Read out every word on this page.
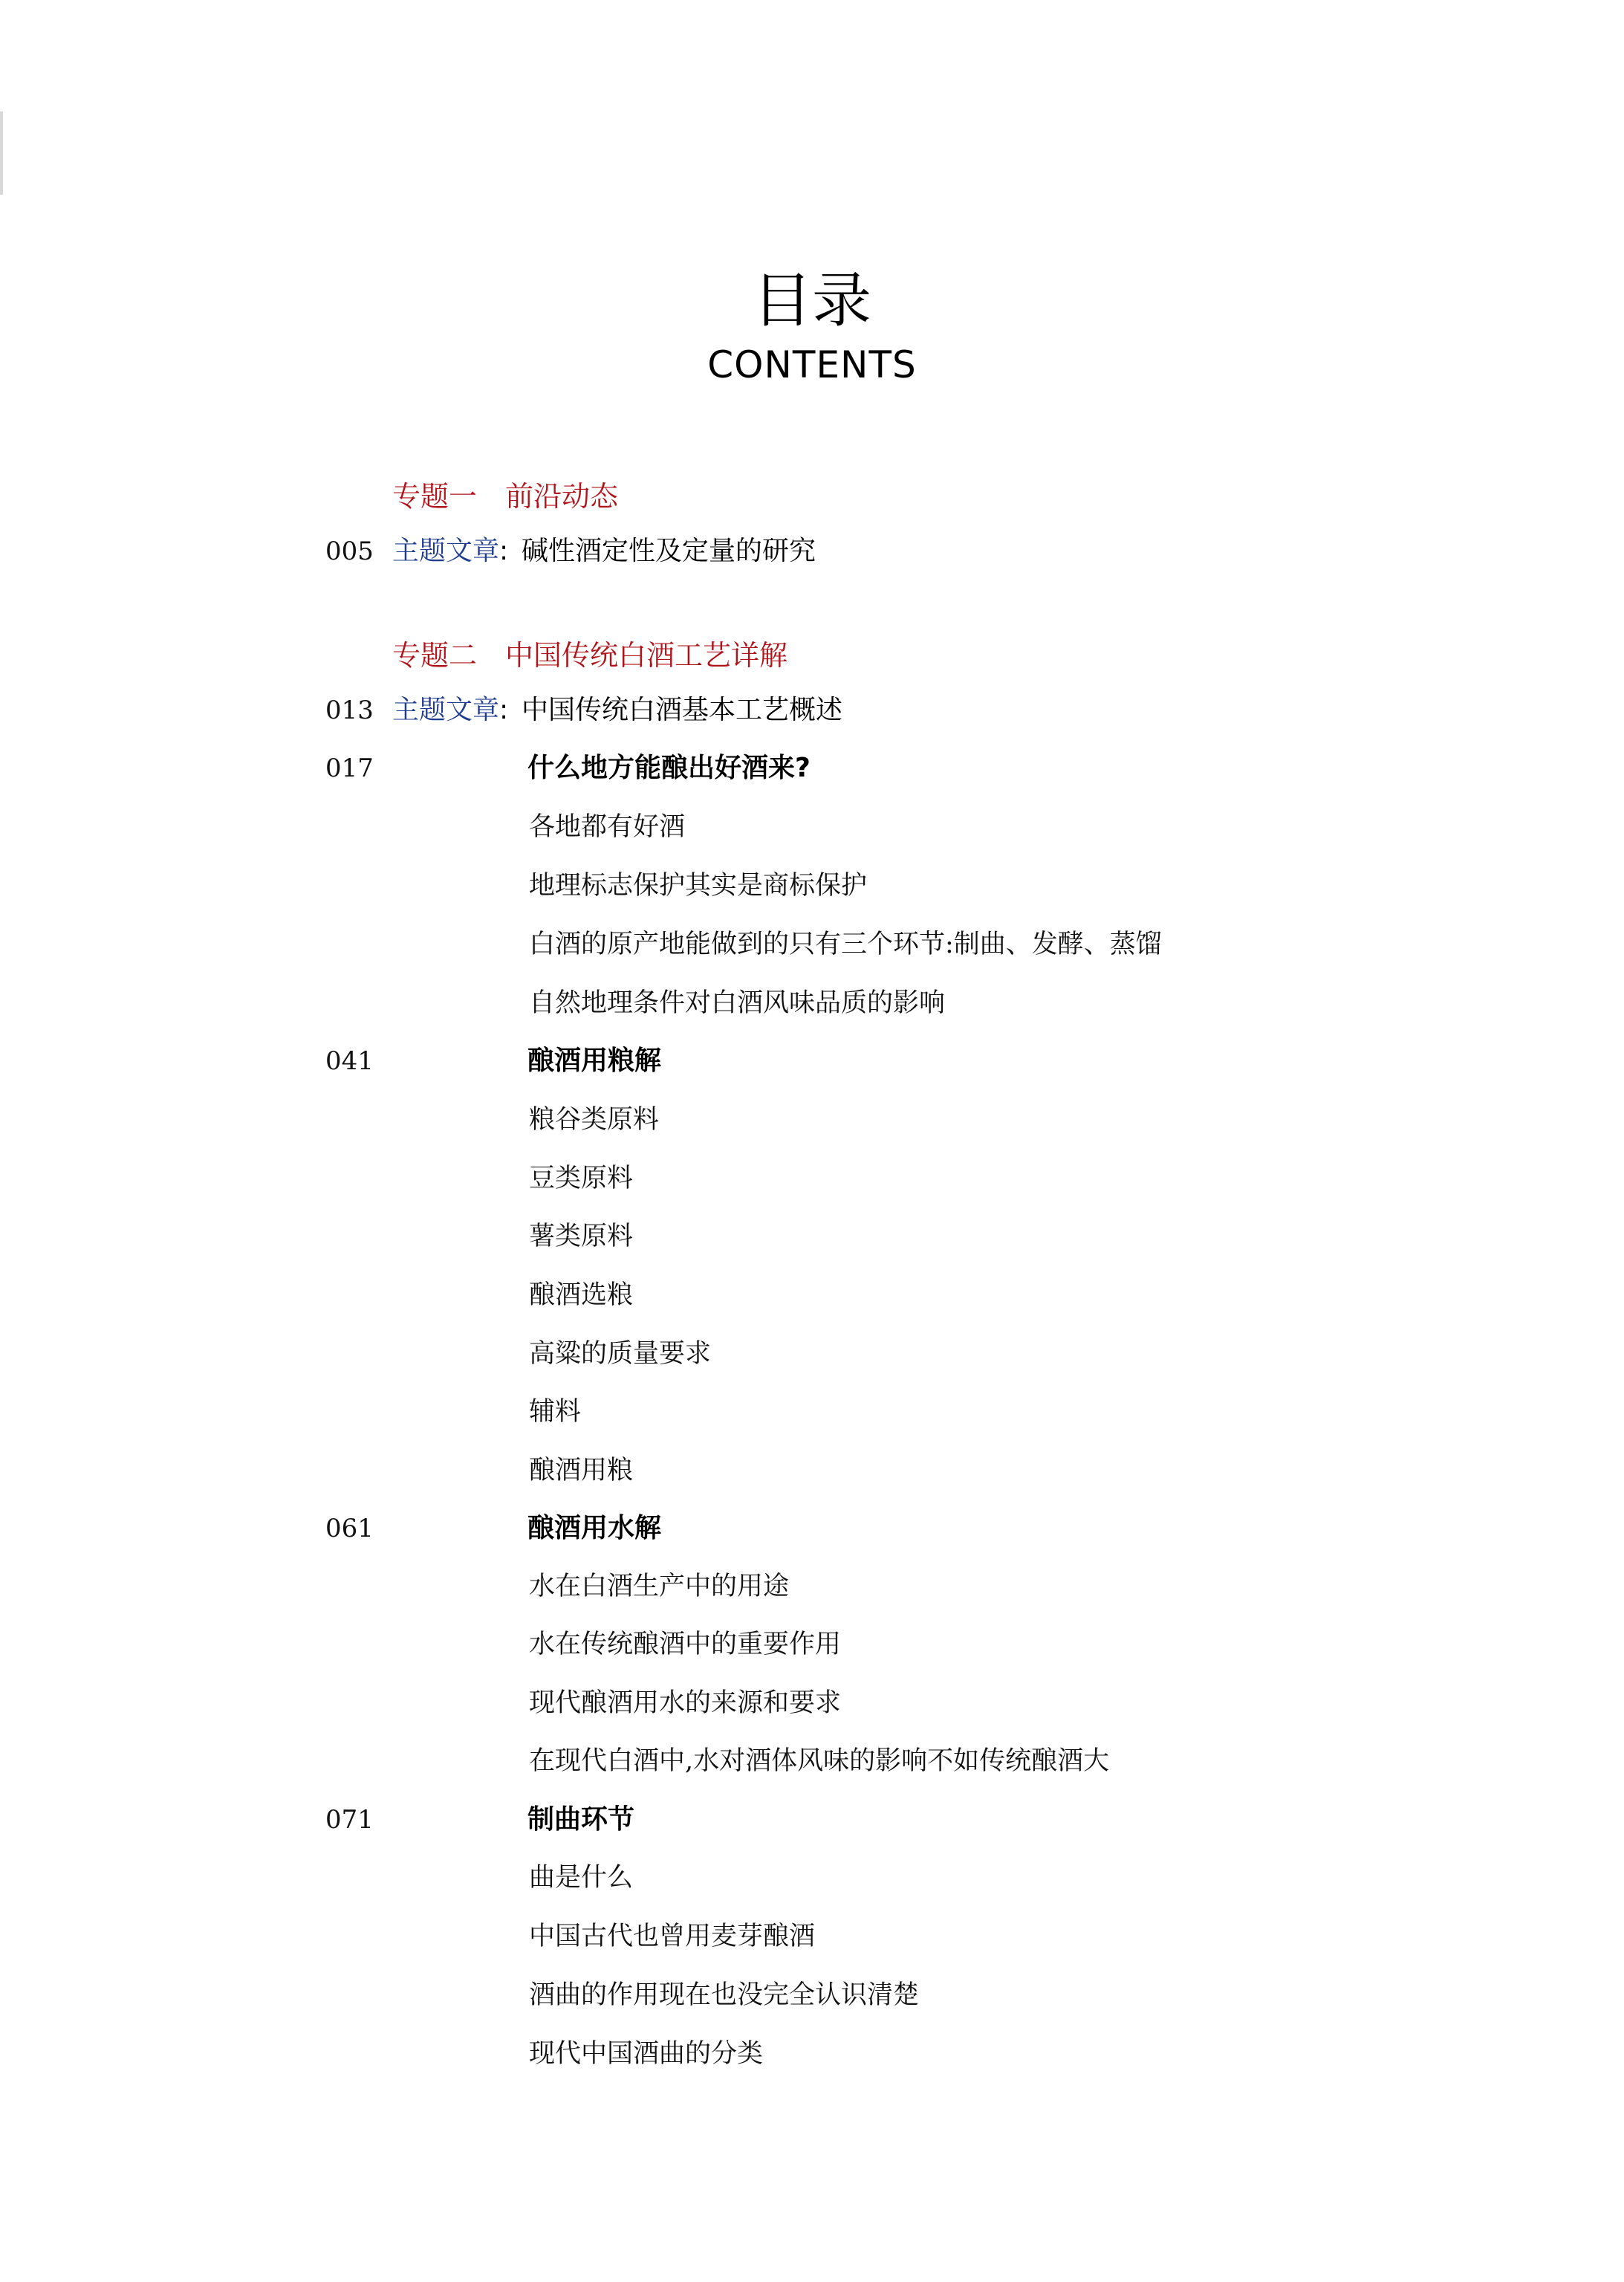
目录
CONTENTS
专题一　前沿动态
005 主题文章: 碱性酒定性及定量的研究
专题二　中国传统白酒工艺详解
013 主题文章: 中国传统白酒基本工艺概述
017	什么地方能酿出好酒来?
各地都有好酒
地理标志保护其实是商标保护
白酒的原产地能做到的只有三个环节:制曲、发酵、蒸馏
自然地理条件对白酒风味品质的影响
041	酿酒用粮解
粮谷类原料
豆类原料
薯类原料
酿酒选粮
高粱的质量要求
辅料
酿酒用粮
061	酿酒用水解
水在白酒生产中的用途
水在传统酿酒中的重要作用
现代酿酒用水的来源和要求
在现代白酒中,水对酒体风味的影响不如传统酿酒大
071	制曲环节
曲是什么
中国古代也曾用麦芽酿酒
酒曲的作用现在也没完全认识清楚
现代中国酒曲的分类
